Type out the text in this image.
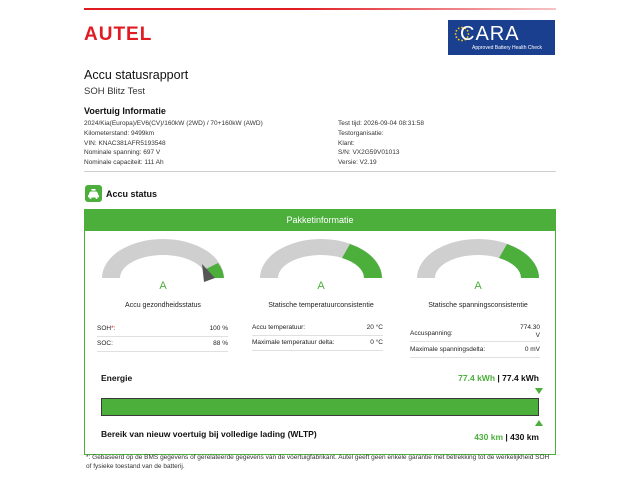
AUTEL	CARA
Approved Battery Health Check
Accu statusrapport
SOH Blitz Test
Voertuig Informatie
2024/Kia(Europa)/EV6(CV)/160kW (2WD) / 70+160kW (AWD)
Kilometerstand: 9499km
VIN: KNAC381AFR5193548
Nominale spanning: 697 V
Nominale capaciteit: 111 Ah
Test tijd: 2026-09-04 08:31:58
Testorganisatie:
Klant:
S/N: VX2G59V01013
Versie: V2.19
Accu status
Pakketinformatie
A
Accu gezondheidsstatus
A
Statische temperatuurconsistentie
A
Statische spanningsconsistentie
SOH*:	100 %
SOC:	88 %
Accu temperatuur:	20 °C
Maximale temperatuur delta:	0 °C
Accuspanning:
774.30
V
Maximale spanningsdelta:	0 mV
Energie	77.4 kWh | 77.4 kWh
Bereik van nieuw voertuig bij volledige lading (WLTP)	430 km | 430 km
*: Gebaseerd op de BMS gegevens of gerelateerde gegevens van de voertuigfabrikant. Autel geeft geen enkele garantie met betrekking tot de werkelijkheid SOH of fysieke toestand van de batterij.
